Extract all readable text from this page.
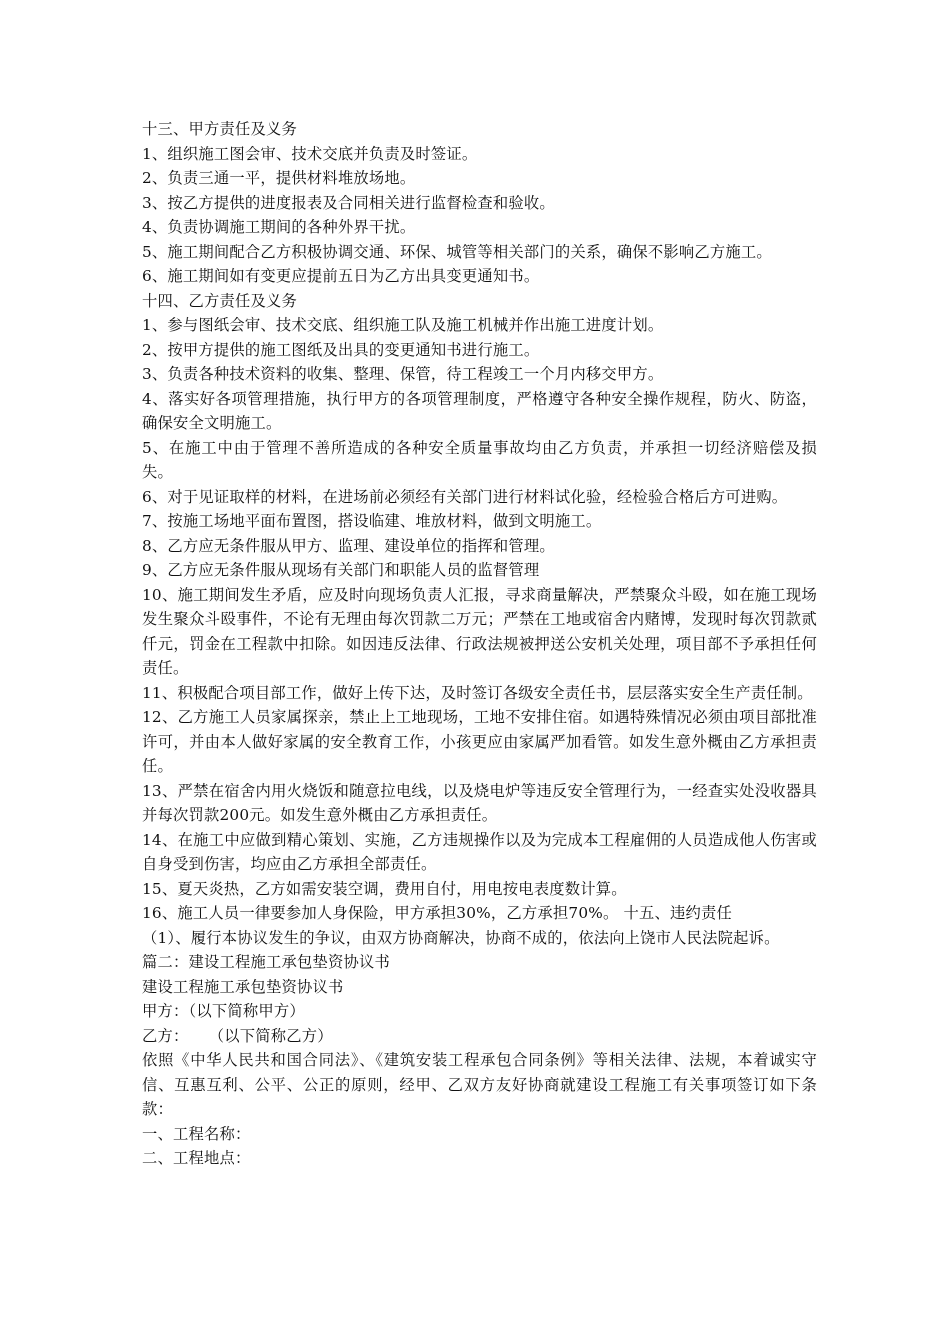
十三、甲方责任及义务

1、组织施工图会审、技术交底并负责及时签证。

2、负责三通一平，提供材料堆放场地。

3、按乙方提供的进度报表及合同相关进行监督检查和验收。

4、负责协调施工期间的各种外界干扰。

5、施工期间配合乙方积极协调交通、环保、城管等相关部门的关系，确保不影响乙方施工。

6、施工期间如有变更应提前五日为乙方出具变更通知书。

十四、乙方责任及义务

1、参与图纸会审、技术交底、组织施工队及施工机械并作出施工进度计划。

2、按甲方提供的施工图纸及出具的变更通知书进行施工。

3、负责各种技术资料的收集、整理、保管，待工程竣工一个月内移交甲方。

4、落实好各项管理措施，执行甲方的各项管理制度，严格遵守各种安全操作规程，防火、防盗，确保安全文明施工。

5、在施工中由于管理不善所造成的各种安全质量事故均由乙方负责，并承担一切经济赔偿及损失。

6、对于见证取样的材料，在进场前必须经有关部门进行材料试化验，经检验合格后方可进购。

7、按施工场地平面布置图，搭设临建、堆放材料，做到文明施工。

8、乙方应无条件服从甲方、监理、建设单位的指挥和管理。

9、乙方应无条件服从现场有关部门和职能人员的监督管理

10、施工期间发生矛盾，应及时向现场负责人汇报，寻求商量解决，严禁聚众斗殴，如在施工现场发生聚众斗殴事件，不论有无理由每次罚款二万元；严禁在工地或宿舍内赌博，发现时每次罚款贰仟元，罚金在工程款中扣除。如因违反法律、行政法规被押送公安机关处理，项目部不予承担任何责任。

11、积极配合项目部工作，做好上传下达，及时签订各级安全责任书，层层落实安全生产责任制。

12、乙方施工人员家属探亲，禁止上工地现场，工地不安排住宿。如遇特殊情况必须由项目部批准许可，并由本人做好家属的安全教育工作，小孩更应由家属严加看管。如发生意外概由乙方承担责任。

13、严禁在宿舍内用火烧饭和随意拉电线，以及烧电炉等违反安全管理行为，一经查实处没收器具并每次罚款200元。如发生意外概由乙方承担责任。

14、在施工中应做到精心策划、实施，乙方违规操作以及为完成本工程雇佣的人员造成他人伤害或自身受到伤害，均应由乙方承担全部责任。

15、夏天炎热，乙方如需安装空调，费用自付，用电按电表度数计算。

16、施工人员一律要参加人身保险，甲方承担30%，乙方承担70%。 十五、违约责任

（1）、履行本协议发生的争议，由双方协商解决，协商不成的，依法向上饶市人民法院起诉。

篇二：建设工程施工承包垫资协议书

建设工程施工承包垫资协议书

甲方：（以下简称甲方）

乙方：    （以下简称乙方）

依照《中华人民共和国合同法》、《建筑安装工程承包合同条例》等相关法律、法规，本着诚实守信、互惠互利、公平、公正的原则，经甲、乙双方友好协商就建设工程施工有关事项签订如下条款：

一、工程名称：

二、工程地点：
